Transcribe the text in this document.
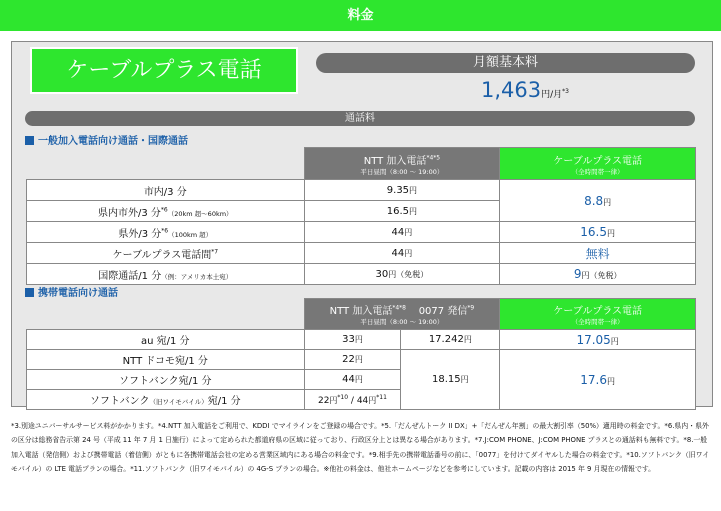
料金
ケーブルプラス電話	月額基本料
1,463円/月$^{*3}$
通話料
一般加入電話向け通話・国際通話

	NTT 加入電話$^{*4*5}$
平日昼間（8:00 ～ 19:00）	ケーブルプラス電話
（全時間帯一律）

市内/3 分	9.35円	8.8円
県内市外/3 分$^{*6}$（20km 超～60km）	16.5円	
県外/3 分$^{*6}$（100km 超）	44円	16.5円
ケーブルプラス電話間$^{*7}$	44円	無料
国際通話/1 分（例：アメリカ本土宛）	30円（免税）	9円（免税）
携帯電話向け通話

	NTT 加入電話$^{*4*8}$ 0077 発信$^{*9}$
平日昼間（8:00 ～ 19:00）		ケーブルプラス電話
（全時間帯一律）

au 宛/1 分	33円	17.242円	17.05円
NTT ドコモ宛/1 分	22円	18.15円	17.6円
ソフトバンク宛/1 分	44円		
ソフトバンク（旧ワイモバイル）宛/1 分	22円$^{*10}$ / 44円$^{*11}$
*3.別途ユニバーサルサービス料がかかります。*4.NTT 加入電話をご利用で、KDDI でマイラインをご登録の場合です。*5.「だんぜんトーク II DX」+「だんぜん年割」の最大割引率（50%）適用時の料金です。*6.県内・県外の区分は総務省告示第 24 号（平成 11 年 7 月 1 日施行）によって定められた都道府県の区域に従っており、行政区分上とは異なる場合があります。*7.J:COM PHONE、J:COM PHONE プラスとの通話料も無料です。*8.一般加入電話（発信側）および携帯電話（着信側）がともに各携帯電話会社の定める営業区域内にある場合の料金です。*9.相手先の携帯電話番号の前に、「0077」を付けてダイヤルした場合の料金です。*10.ソフトバンク（旧ワイモバイル）の LTE 電話プランの場合。*11.ソフトバンク（旧ワイモバイル）の 4G-S プランの場合。※他社の料金は、他社ホームページなどを参考にしています。記載の内容は 2015 年 9 月現在の情報です。
